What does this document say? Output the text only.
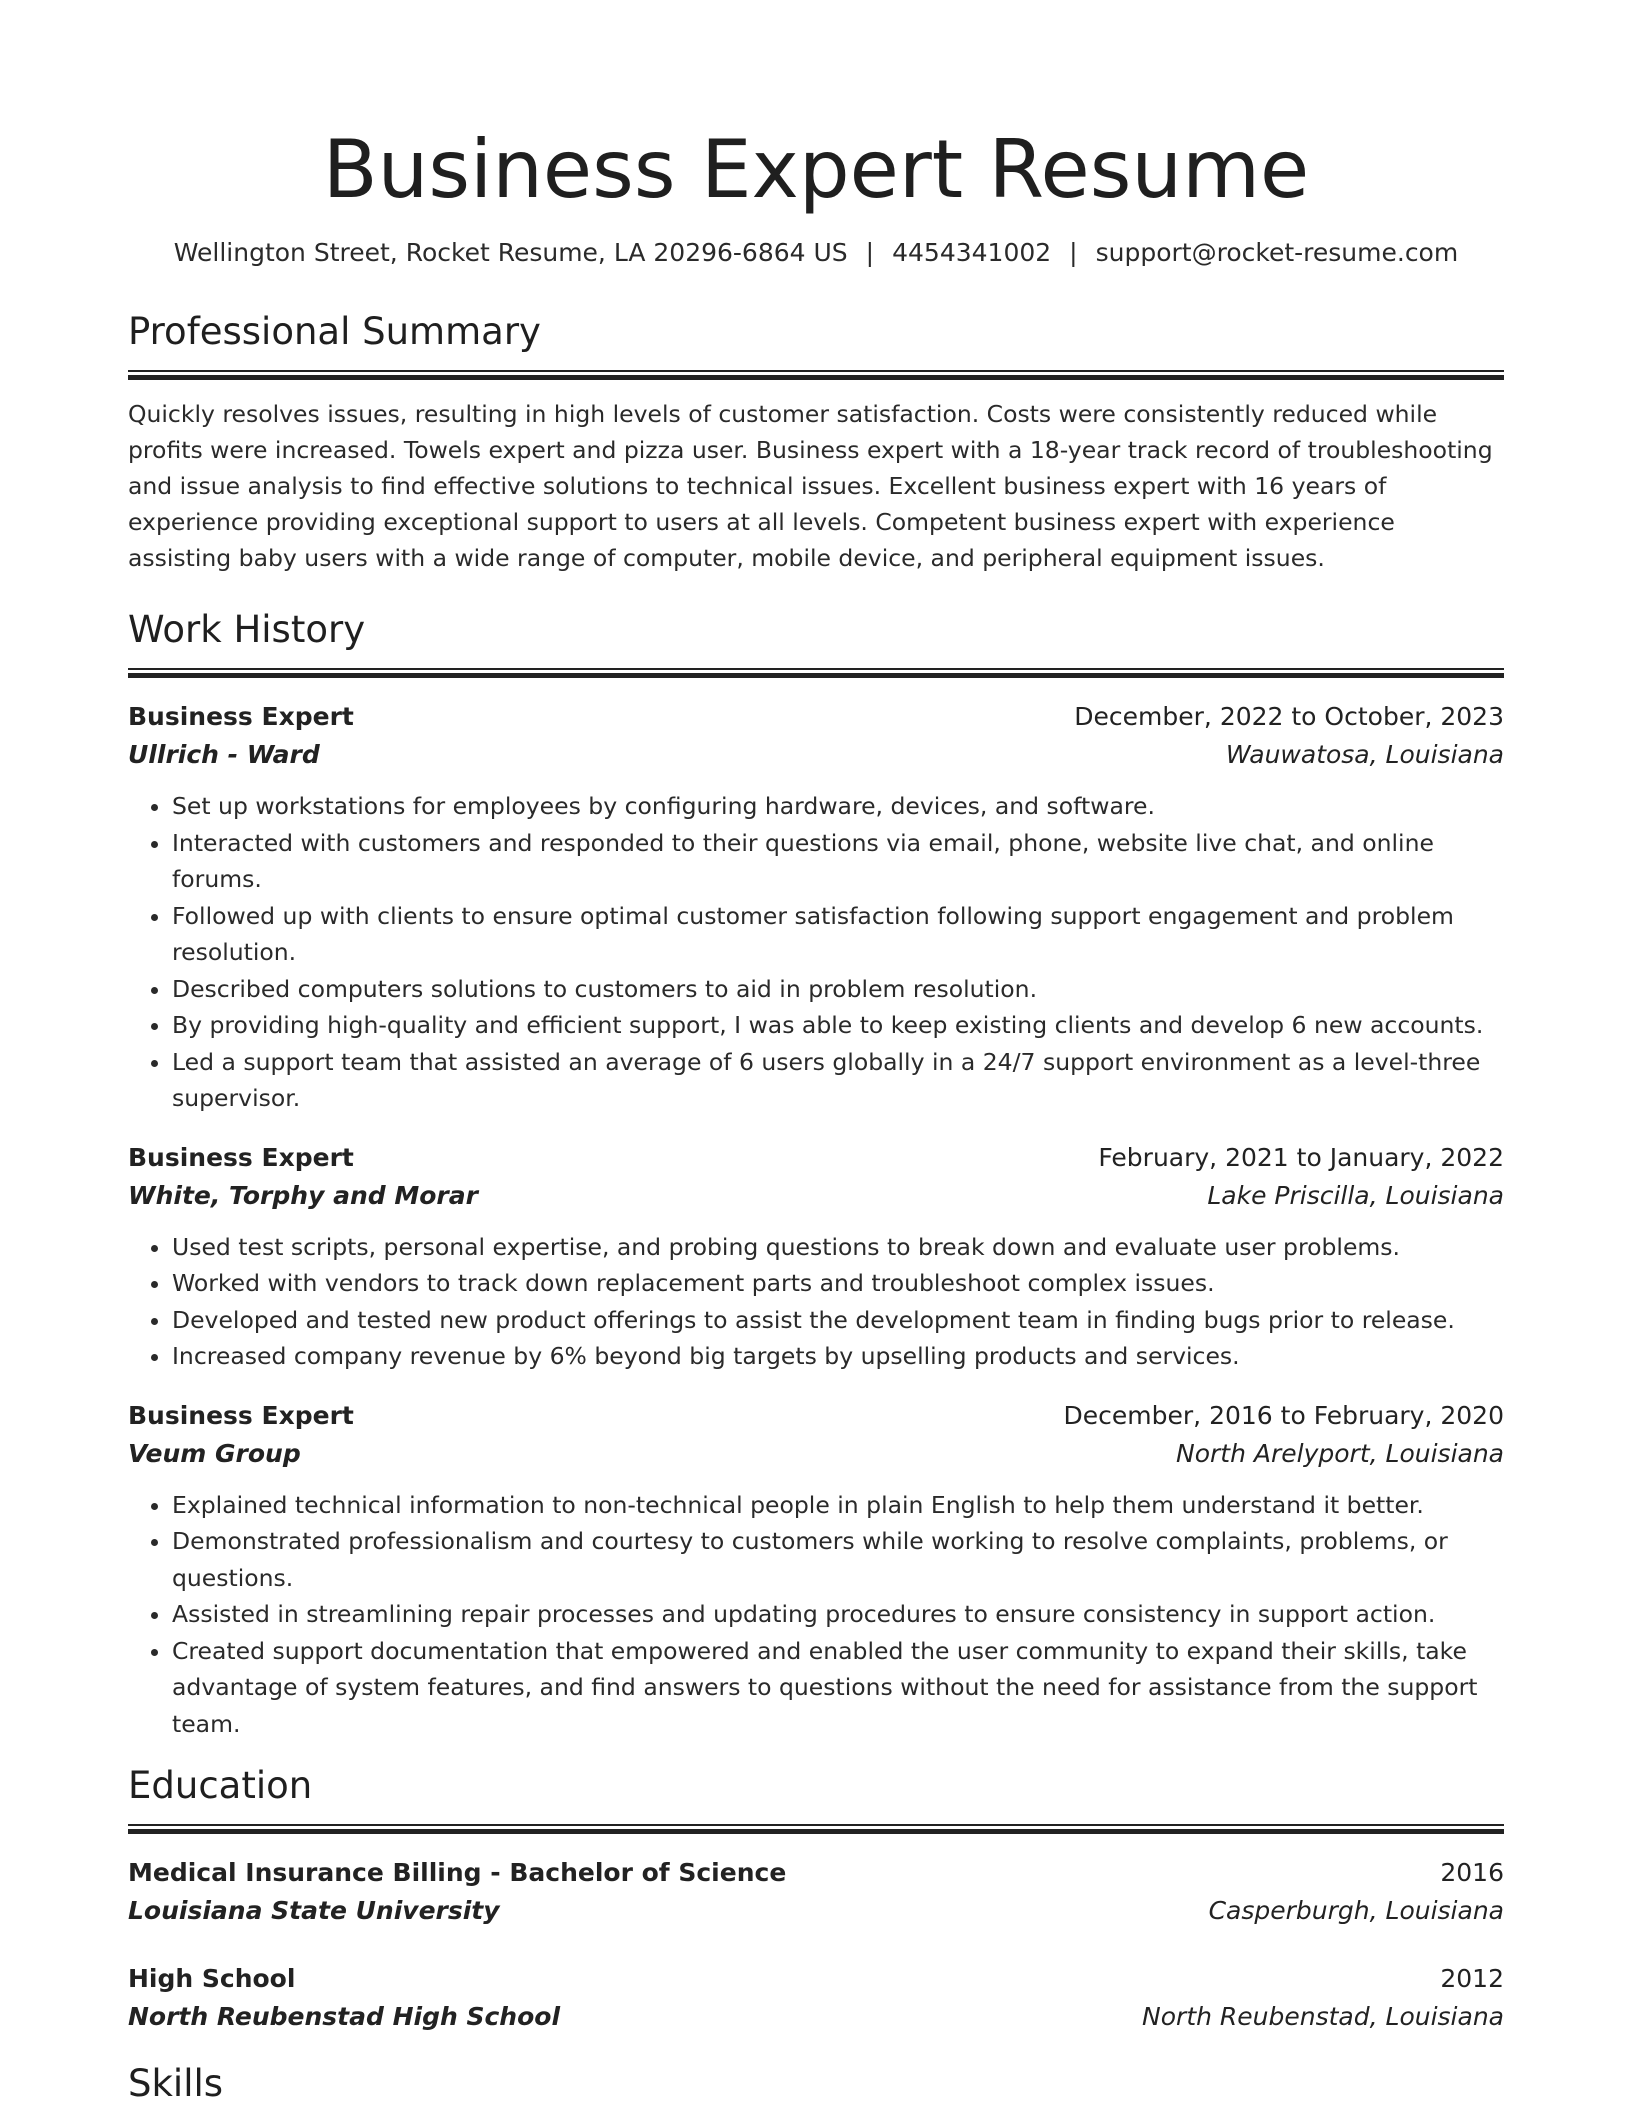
Business Expert Resume
Wellington Street, Rocket Resume, LA 20296-6864 US | 4454341002 | support@rocket-resume.com
Professional Summary
Quickly resolves issues, resulting in high levels of customer satisfaction. Costs were consistently reduced while profits were increased. Towels expert and pizza user. Business expert with a 18-year track record of troubleshooting and issue analysis to find effective solutions to technical issues. Excellent business expert with 16 years of experience providing exceptional support to users at all levels. Competent business expert with experience assisting baby users with a wide range of computer, mobile device, and peripheral equipment issues.
Work History
Business Expert	December, 2022 to October, 2023
Ullrich - Ward	Wauwatosa, Louisiana
• Set up workstations for employees by configuring hardware, devices, and software.
• Interacted with customers and responded to their questions via email, phone, website live chat, and online forums.
• Followed up with clients to ensure optimal customer satisfaction following support engagement and problem resolution.
• Described computers solutions to customers to aid in problem resolution.
• By providing high-quality and efficient support, I was able to keep existing clients and develop 6 new accounts.
• Led a support team that assisted an average of 6 users globally in a 24/7 support environment as a level-three supervisor.
Business Expert	February, 2021 to January, 2022
White, Torphy and Morar	Lake Priscilla, Louisiana
• Used test scripts, personal expertise, and probing questions to break down and evaluate user problems.
• Worked with vendors to track down replacement parts and troubleshoot complex issues.
• Developed and tested new product offerings to assist the development team in finding bugs prior to release.
• Increased company revenue by 6% beyond big targets by upselling products and services.
Business Expert	December, 2016 to February, 2020
Veum Group	North Arelyport, Louisiana
• Explained technical information to non-technical people in plain English to help them understand it better.
• Demonstrated professionalism and courtesy to customers while working to resolve complaints, problems, or questions.
• Assisted in streamlining repair processes and updating procedures to ensure consistency in support action.
• Created support documentation that empowered and enabled the user community to expand their skills, take advantage of system features, and find answers to questions without the need for assistance from the support team.
Education
Medical Insurance Billing - Bachelor of Science	2016
Louisiana State University	Casperburgh, Louisiana
High School	2012
North Reubenstad High School	North Reubenstad, Louisiana
Skills
